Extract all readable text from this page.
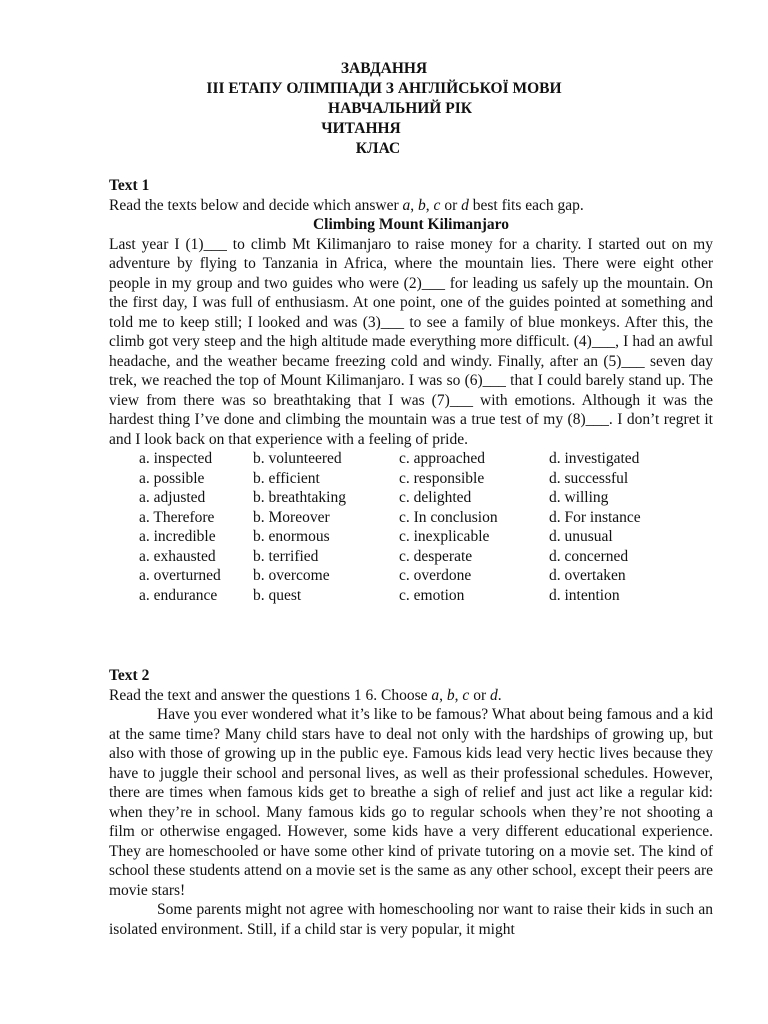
ЗАВДАННЯ
ІІІ ЕТАПУ ОЛІМПІАДИ З АНГЛІЙСЬКОЇ МОВИ
НАВЧАЛЬНИЙ РІК
ЧИТАННЯ
КЛАС
Text 1
Read the texts below and decide which answer a, b, c or d best fits each gap.
Climbing Mount Kilimanjaro
Last year I (1)___ to climb Mt Kilimanjaro to raise money for a charity. I started out on my adventure by flying to Tanzania in Africa, where the mountain lies. There were eight other people in my group and two guides who were (2)___ for leading us safely up the mountain. On the first day, I was full of enthusiasm. At one point, one of the guides pointed at something and told me to keep still; I looked and was (3)___ to see a family of blue monkeys. After this, the climb got very steep and the high altitude made everything more difficult. (4)___, I had an awful headache, and the weather became freezing cold and windy. Finally, after an (5)___ seven day trek, we reached the top of Mount Kilimanjaro. I was so (6)___ that I could barely stand up. The view from there was so breathtaking that I was (7)___ with emotions. Although it was the hardest thing I’ve done and climbing the mountain was a true test of my (8)___. I don’t regret it and I look back on that experience with a feeling of pride.
a. inspected	b. volunteered	c. approached	d. investigated
a. possible	b. efficient	c. responsible	d. successful
a. adjusted	b. breathtaking	c. delighted	d. willing
a. Therefore b. Moreover	c. In conclusion	d. For instance
a. incredible b. enormous	c. inexplicable	d. unusual
a. exhausted b. terrified	c. desperate	d. concerned
a. overturned b. overcome	c. overdone	d. overtaken
a. endurance b. quest	c. emotion	d. intention
Text 2
Read the text and answer the questions 1 6. Choose a, b, c or d.
Have you ever wondered what it’s like to be famous? What about being famous and a kid at the same time? Many child stars have to deal not only with the hardships of growing up, but also with those of growing up in the public eye. Famous kids lead very hectic lives because they have to juggle their school and personal lives, as well as their professional schedules. However, there are times when famous kids get to breathe a sigh of relief and just act like a regular kid: when they’re in school. Many famous kids go to regular schools when they’re not shooting a film or otherwise engaged. However, some kids have a very different educational experience. They are homeschooled or have some other kind of private tutoring on a movie set. The kind of school these students attend on a movie set is the same as any other school, except their peers are movie stars!
Some parents might not agree with homeschooling nor want to raise their kids in such an isolated environment. Still, if a child star is very popular, it might
